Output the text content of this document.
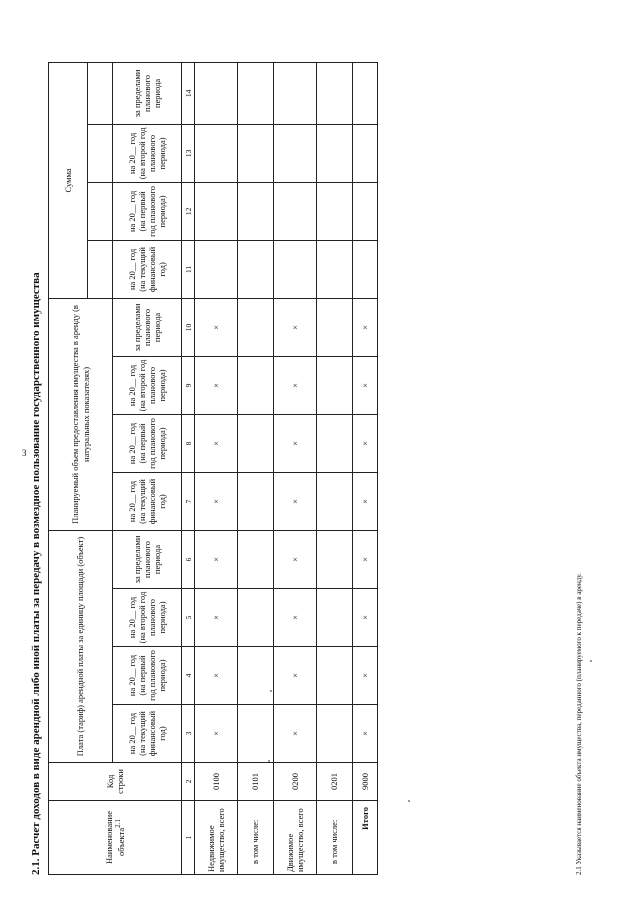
3 2.1. Расчет доходов в виде арендной либо иной платы за передачу в возмездное пользование государственного имущества	Наименование объекта$^{2.1}$	Код строки	Плата (тариф) арендной платы за единицу площади (объект)				Планируемый объем предоставления имущества в аренду (в натуральных показателях)				Сумма			

		на 20__ год (на текущий финансовый год)	на 20__ год (на первый год планового периода)	на 20__ год (на второй год планового периода)	за пределами планового периода	на 20__ год (на текущий финансовый год)	на 20__ год (на первый год планового периода)	на 20__ год (на второй год планового периода)	за пределами планового периода	на 20__ год (на текущий финансовый год)	на 20__ год (на первый год планового периода)	на 20__ год (на второй год планового периода)	за пределами планового периода
1	2	3	4	5	6	7	8	9	10	11	12	13	14
Недвижимое имущество, всего	0100	×	×	×	×	×	×	×	×				
в том числе:	0101												
Движимое имущество, всего	0200	×	×	×	×	×	×	×	×				
в том числе:	0201												
Итого	9000	×	×	×	×	×	×	×	×				
2.1 Указывается наименование объекта имущества, переданного (планируемого к передаче) в аренду.
